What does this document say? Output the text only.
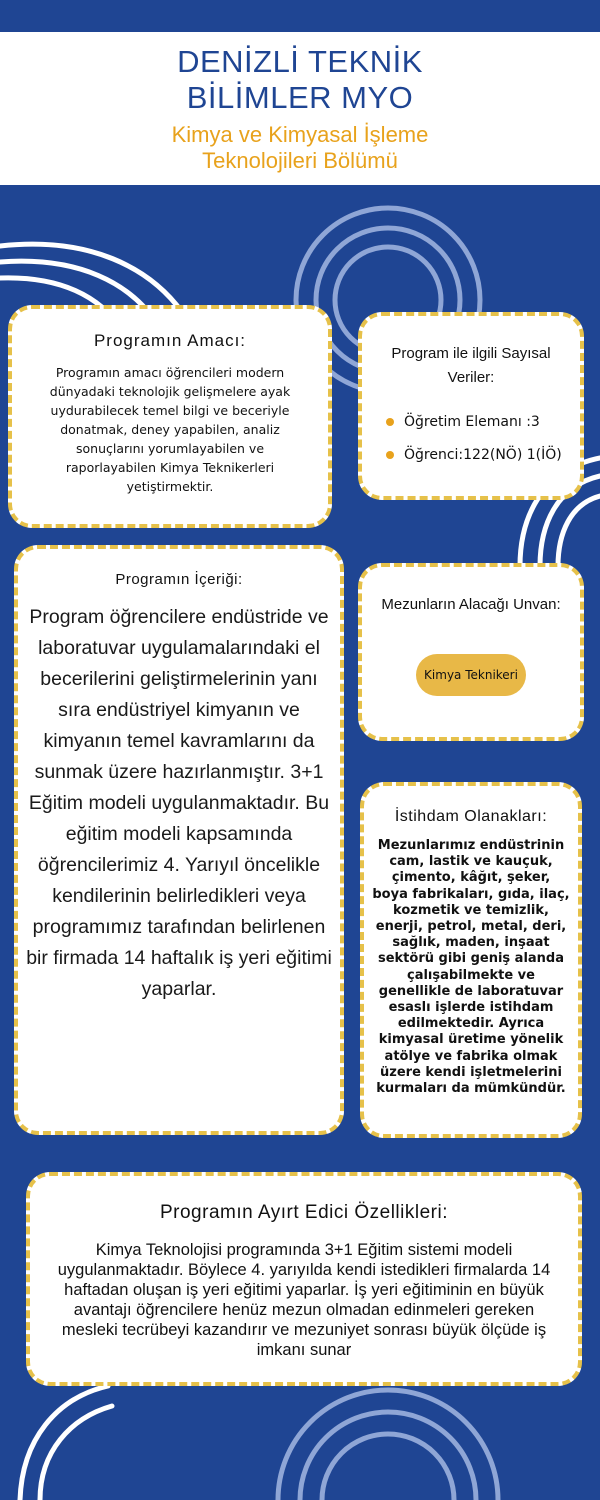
DENİZLİ TEKNİK
BİLİMLER MYO
Kimya ve Kimyasal İşleme
Teknolojileri Bölümü
Programın Amacı:
Programın amacı öğrencileri modern dünyadaki teknolojik gelişmelere ayak uydurabilecek temel bilgi ve beceriyle donatmak, deney yapabilen, analiz sonuçlarını yorumlayabilen ve raporlayabilen Kimya Teknikerleri yetiştirmektir.
Program ile ilgili Sayısal Veriler:
Öğretim Elemanı :3
Öğrenci:122(NÖ) 1(İÖ)
Programın İçeriği:
Program öğrencilere endüstride ve laboratuvar uygulamalarındaki el becerilerini geliştirmelerinin yanı sıra endüstriyel kimyanın ve kimyanın temel kavramlarını da sunmak üzere hazırlanmıştır. 3+1 Eğitim modeli uygulanmaktadır. Bu eğitim modeli kapsamında öğrencilerimiz 4. Yarıyıl öncelikle kendilerinin belirledikleri veya programımız tarafından belirlenen bir firmada 14 haftalık iş yeri eğitimi yaparlar.
Mezunların Alacağı Unvan:
Kimya Teknikeri
İstihdam Olanakları:
Mezunlarımız endüstrinin cam, lastik ve kauçuk, çimento, kâğıt, şeker, boya fabrikaları, gıda, ilaç, kozmetik ve temizlik, enerji, petrol, metal, deri, sağlık, maden, inşaat sektörü gibi geniş alanda çalışabilmekte ve genellikle de laboratuvar esaslı işlerde istihdam edilmektedir. Ayrıca kimyasal üretime yönelik atölye ve fabrika olmak üzere kendi işletmelerini kurmaları da mümkündür.
Programın Ayırt Edici Özellikleri:
Kimya Teknolojisi programında 3+1 Eğitim sistemi modeli uygulanmaktadır. Böylece 4. yarıyılda kendi istedikleri firmalarda 14 haftadan oluşan iş yeri eğitimi yaparlar. İş yeri eğitiminin en büyük avantajı öğrencilere henüz mezun olmadan edinmeleri gereken mesleki tecrübeyi kazandırır ve mezuniyet sonrası büyük ölçüde iş imkanı sunar
